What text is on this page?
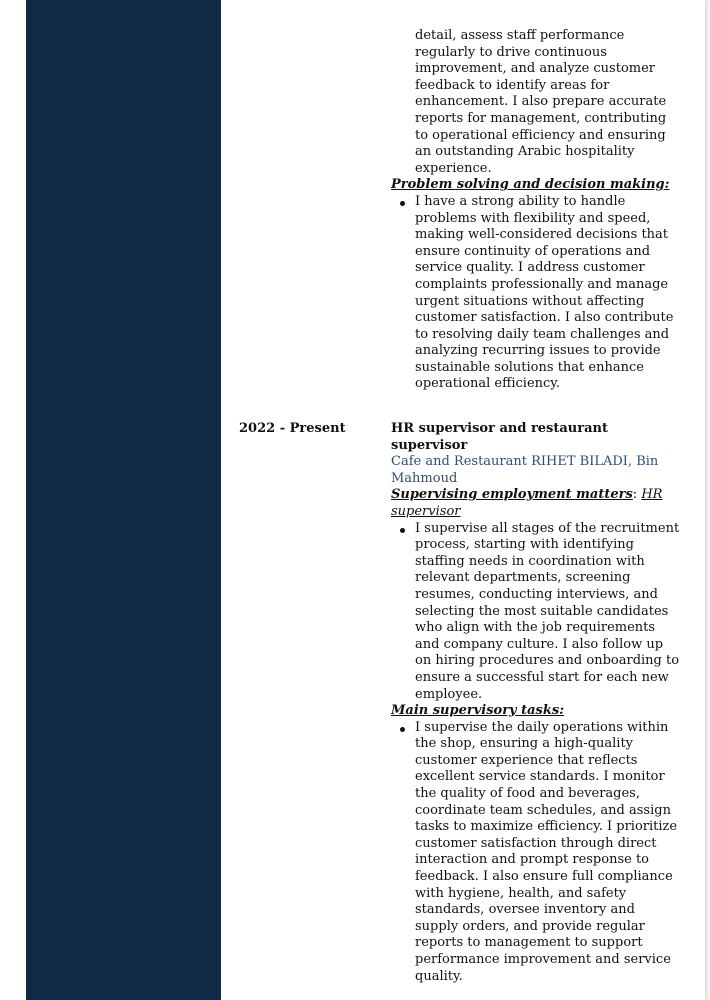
detail, assess staff performance regularly to drive continuous improvement, and analyze customer feedback to identify areas for enhancement. I also prepare accurate reports for management, contributing to operational efficiency and ensuring an outstanding Arabic hospitality experience.
Problem solving and decision making:
I have a strong ability to handle problems with flexibility and speed, making well-considered decisions that ensure continuity of operations and service quality. I address customer complaints professionally and manage urgent situations without affecting customer satisfaction. I also contribute to resolving daily team challenges and analyzing recurring issues to provide sustainable solutions that enhance operational efficiency.
2022 - Present	HR supervisor and restaurant supervisor
Cafe and Restaurant RIHET BILADI, Bin Mahmoud
Supervising employment matters: HR supervisor
I supervise all stages of the recruitment process, starting with identifying staffing needs in coordination with relevant departments, screening resumes, conducting interviews, and selecting the most suitable candidates who align with the job requirements and company culture. I also follow up on hiring procedures and onboarding to ensure a successful start for each new employee.
Main supervisory tasks:
I supervise the daily operations within the shop, ensuring a high-quality customer experience that reflects excellent service standards. I monitor the quality of food and beverages, coordinate team schedules, and assign tasks to maximize efficiency. I prioritize customer satisfaction through direct interaction and prompt response to feedback. I also ensure full compliance with hygiene, health, and safety standards, oversee inventory and supply orders, and provide regular reports to management to support performance improvement and service quality.
